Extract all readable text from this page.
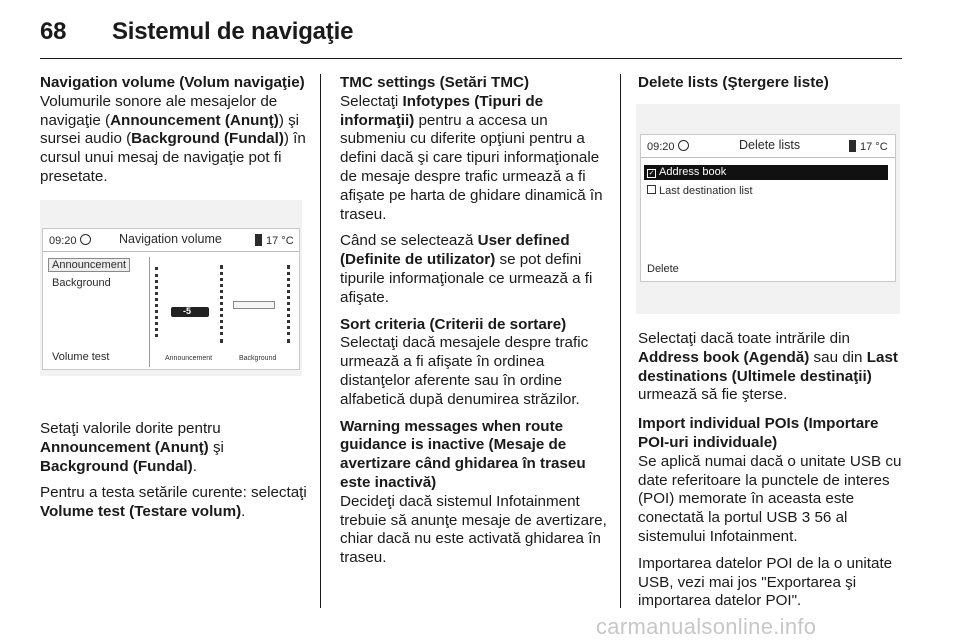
68 Sistemul de navigaţie

Navigation volume (Volum navigaţie)

Volumurile sonore ale mesajelor de navigaţie (Announcement (Anunţ)) şi sursei audio (Background (Fundal)) în cursul unui mesaj de navigaţie pot fi presetate.

09:20	Navigation volume	17 °C
Announcement
Background
Volume test
-5
Announcement	Background

Setaţi valorile dorite pentru Announcement (Anunţ) şi Background (Fundal).

Pentru a testa setările curente: selectaţi Volume test (Testare volum).

TMC settings (Setări TMC)

Selectaţi Infotypes (Tipuri de informaţii) pentru a accesa un submeniu cu diferite opţiuni pentru a defini dacă şi care tipuri informaţionale de mesaje despre trafic urmează a fi afişate pe harta de ghidare dinamică în traseu.

Când se selectează User defined (Definite de utilizator) se pot defini tipurile informaţionale ce urmează a fi afişate.

Sort criteria (Criterii de sortare)

Selectaţi dacă mesajele despre trafic urmează a fi afişate în ordinea distanţelor aferente sau în ordine alfabetică după denumirea străzilor.

Warning messages when route guidance is inactive (Mesaje de avertizare când ghidarea în traseu este inactivă)

Decideţi dacă sistemul Infotainment trebuie să anunţe mesaje de avertizare, chiar dacă nu este activată ghidarea în traseu.

Delete lists (Ştergere liste)

09:20	Delete lists	17 °C
✓ Address book
Last destination list
Delete

Selectaţi dacă toate intrările din Address book (Agendă) sau din Last destinations (Ultimele destinaţii) urmează să fie şterse.

Import individual POIs (Importare POI-uri individuale)

Se aplică numai dacă o unitate USB cu date referitoare la punctele de interes (POI) memorate în aceasta este conectată la portul USB 3 56 al sistemului Infotainment.

Importarea datelor POI de la o unitate USB, vezi mai jos "Exportarea şi importarea datelor POI".

carmanualsonline.info
